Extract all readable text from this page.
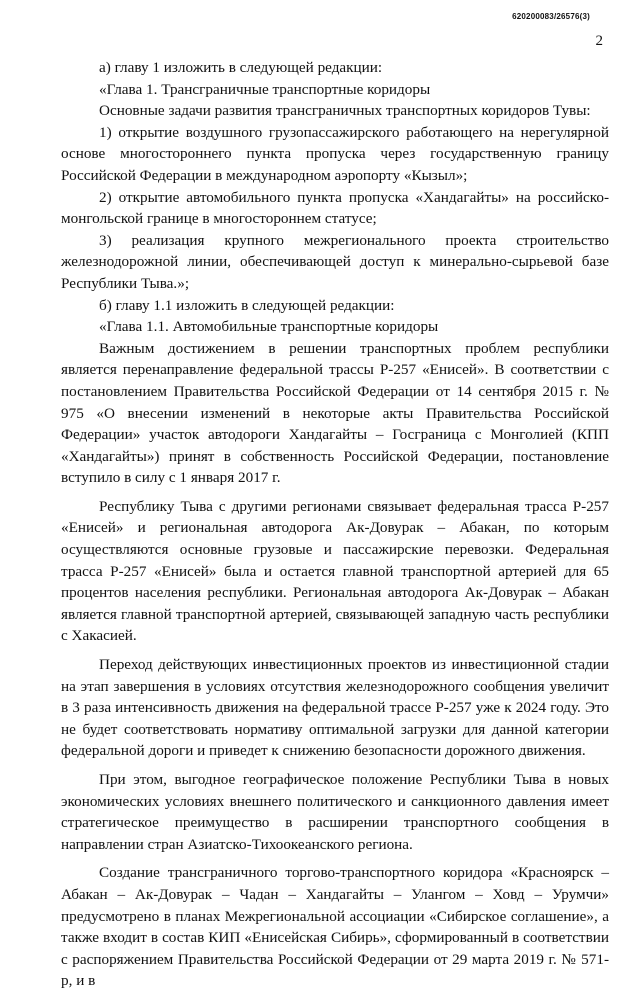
620200083/26576(3)
2

а) главу 1 изложить в следующей редакции:

«Глава 1. Трансграничные транспортные коридоры

Основные задачи развития трансграничных транспортных коридоров Тувы:

1) открытие воздушного грузопассажирского работающего на нерегулярной основе многостороннего пункта пропуска через государственную границу Российской Федерации в международном аэропорту «Кызыл»;

2) открытие автомобильного пункта пропуска «Хандагайты» на российско-монгольской границе в многостороннем статусе;

3) реализация крупного межрегионального проекта строительство железнодорожной линии, обеспечивающей доступ к минерально-сырьевой базе Республики Тыва.»;

б) главу 1.1 изложить в следующей редакции:

«Глава 1.1. Автомобильные транспортные коридоры

Важным достижением в решении транспортных проблем республики является перенаправление федеральной трассы Р-257 «Енисей». В соответствии с постановлением Правительства Российской Федерации от 14 сентября 2015 г. № 975 «О внесении изменений в некоторые акты Правительства Российской Федерации» участок автодороги Хандагайты – Госграница с Монголией (КПП «Хандагайты») принят в собственность Российской Федерации, постановление вступило в силу с 1 января 2017 г.

Республику Тыва с другими регионами связывает федеральная трасса Р-257 «Енисей» и региональная автодорога Ак-Довурак – Абакан, по которым осуществляются основные грузовые и пассажирские перевозки. Федеральная трасса Р-257 «Енисей» была и остается главной транспортной артерией для 65 процентов населения республики. Региональная автодорога Ак-Довурак – Абакан является главной транспортной артерией, связывающей западную часть республики с Хакасией.

Переход действующих инвестиционных проектов из инвестиционной стадии на этап завершения в условиях отсутствия железнодорожного сообщения увеличит в 3 раза интенсивность движения на федеральной трассе Р-257 уже к 2024 году. Это не будет соответствовать нормативу оптимальной загрузки для данной категории федеральной дороги и приведет к снижению безопасности дорожного движения.

При этом, выгодное географическое положение Республики Тыва в новых экономических условиях внешнего политического и санкционного давления имеет стратегическое преимущество в расширении транспортного сообщения в направлении стран Азиатско-Тихоокеанского региона.

Создание трансграничного торгово-транспортного коридора «Красноярск – Абакан – Ак-Довурак – Чадан – Хандагайты – Улангом – Ховд – Урумчи» предусмотрено в планах Межрегиональной ассоциации «Сибирское соглашение», а также входит в состав КИП «Енисейская Сибирь», сформированный в соответствии с распоряжением Правительства Российской Федерации от 29 марта 2019 г. № 571-р, и в
